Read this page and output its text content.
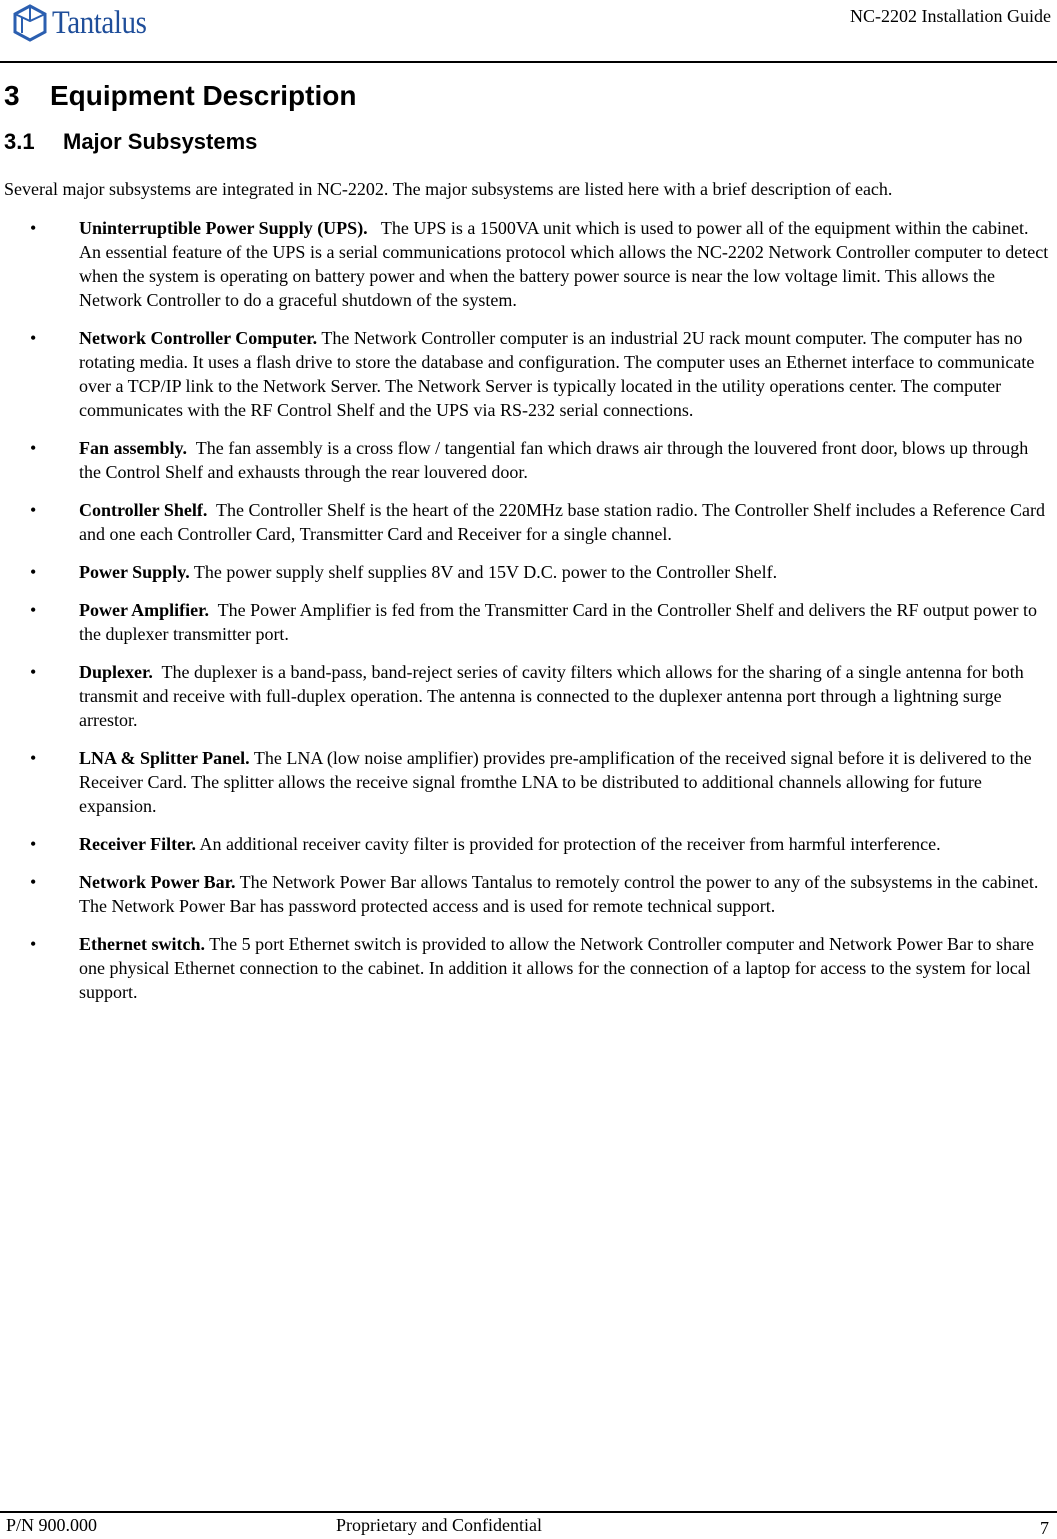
Tantalus	NC-2202 Installation Guide
3 Equipment Description
3.1 Major Subsystems

Several major subsystems are integrated in NC-2202. The major subsystems are listed here with a brief description of each.

• Uninterruptible Power Supply (UPS). The UPS is a 1500VA unit which is used to power all of the equipment within the cabinet. An essential feature of the UPS is a serial communications protocol which allows the NC-2202 Network Controller computer to detect when the system is operating on battery power and when the battery power source is near the low voltage limit. This allows the Network Controller to do a graceful shutdown of the system.
• Network Controller Computer. The Network Controller computer is an industrial 2U rack mount computer. The computer has no rotating media. It uses a flash drive to store the database and configuration. The computer uses an Ethernet interface to communicate over a TCP/IP link to the Network Server. The Network Server is typically located in the utility operations center. The computer communicates with the RF Control Shelf and the UPS via RS-232 serial connections.
• Fan assembly. The fan assembly is a cross flow / tangential fan which draws air through the louvered front door, blows up through the Control Shelf and exhausts through the rear louvered door.
• Controller Shelf. The Controller Shelf is the heart of the 220MHz base station radio. The Controller Shelf includes a Reference Card and one each Controller Card, Transmitter Card and Receiver for a single channel.
• Power Supply. The power supply shelf supplies 8V and 15V D.C. power to the Controller Shelf.
• Power Amplifier. The Power Amplifier is fed from the Transmitter Card in the Controller Shelf and delivers the RF output power to the duplexer transmitter port.
• Duplexer. The duplexer is a band-pass, band-reject series of cavity filters which allows for the sharing of a single antenna for both transmit and receive with full-duplex operation. The antenna is connected to the duplexer antenna port through a lightning surge arrestor.
• LNA & Splitter Panel. The LNA (low noise amplifier) provides pre-amplification of the received signal before it is delivered to the Receiver Card. The splitter allows the receive signal fromthe LNA to be distributed to additional channels allowing for future expansion.
• Receiver Filter. An additional receiver cavity filter is provided for protection of the receiver from harmful interference.
• Network Power Bar. The Network Power Bar allows Tantalus to remotely control the power to any of the subsystems in the cabinet. The Network Power Bar has password protected access and is used for remote technical support.
• Ethernet switch. The 5 port Ethernet switch is provided to allow the Network Controller computer and Network Power Bar to share one physical Ethernet connection to the cabinet. In addition it allows for the connection of a laptop for access to the system for local support.
P/N 900.000	Proprietary and Confidential	7
